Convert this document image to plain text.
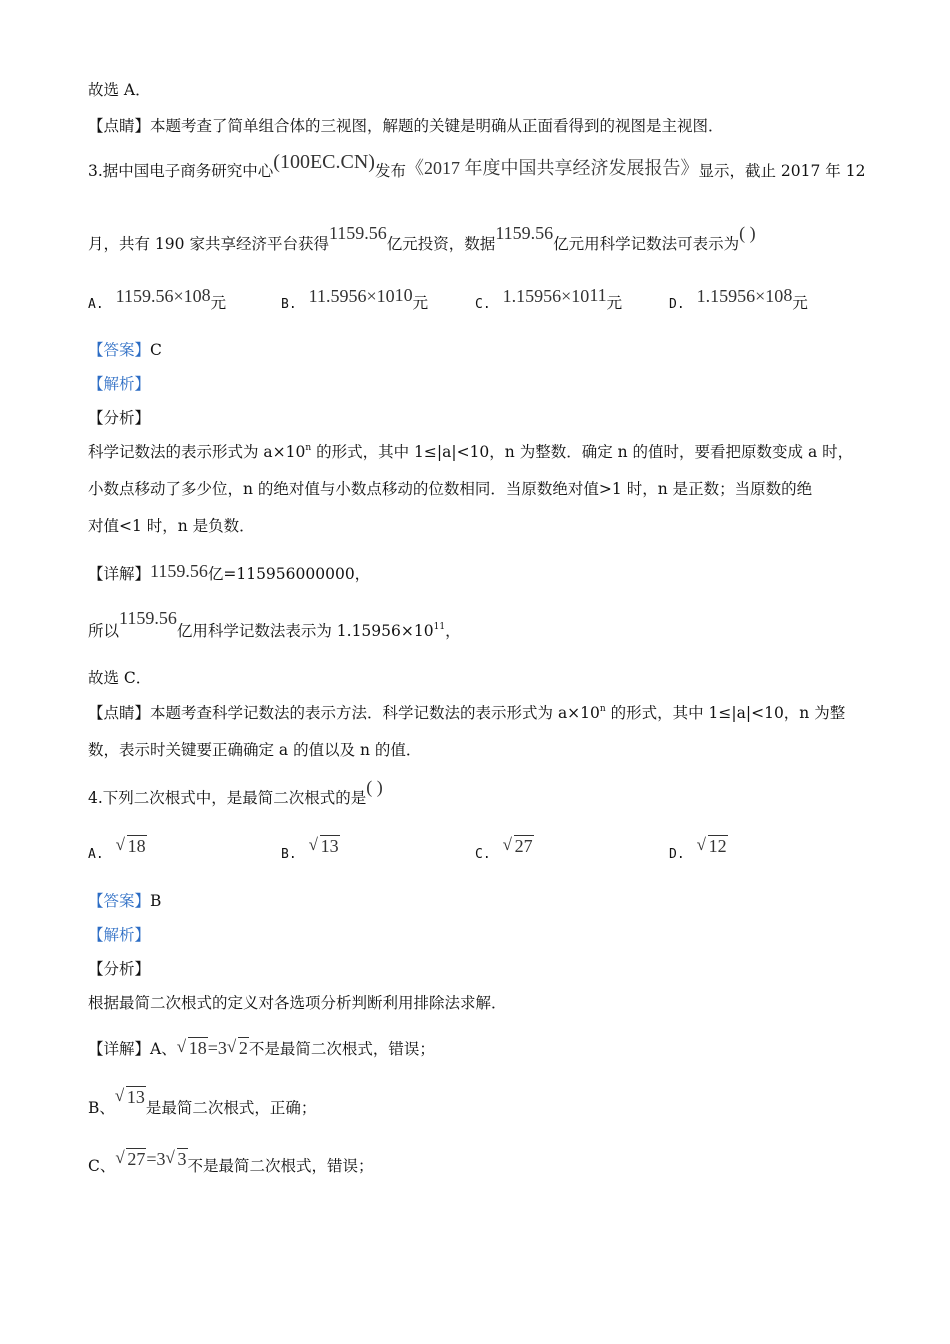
故选 A．
【点睛】本题考查了简单组合体的三视图，解题的关键是明确从正面看得到的视图是主视图．
3.据中国电子商务研究中心(100EC.CN)发布《2017 年度中国共享经济发展报告》显示，截止 2017 年 12
月，共有 190 家共享经济平台获得1159.56亿元投资，数据1159.56亿元用科学记数法可表示为( )
A. $1159.56\times 10^8$元	B. $11.5956\times 10^{10}$元	C. $1.15956\times 10^{11}$元	D. $1.15956\times 10^8$元
【答案】C
【解析】
【分析】
科学记数法的表示形式为 $a\times 10^n$ 的形式，其中 1≤|a|<10，n 为整数．确定 n 的值时，要看把原数变成 a 时，
小数点移动了多少位，n 的绝对值与小数点移动的位数相同．当原数绝对值>1 时，n 是正数；当原数的绝
对值<1 时，n 是负数．
【详解】1159.56亿=115956000000，
所以1159.56亿用科学记数法表示为 $1.15956\times 10^{11}$，
故选 C．
【点睛】本题考查科学记数法的表示方法．科学记数法的表示形式为 $a\times 10^n$ 的形式，其中 1≤|a|<10，n 为整
数，表示时关键要正确确定 a 的值以及 n 的值．
4.下列二次根式中，是最简二次根式的是( )
A. √ 18	B. √ 13	C. √ 27	D. √ 12
【答案】B
【解析】
【分析】
根据最简二次根式的定义对各选项分析判断利用排除法求解．
【详解】A、 √ 18=3 √ 2不是最简二次根式，错误；
B、√ 13是最简二次根式，正确；
C、 √ 27=3 √ 3不是最简二次根式，错误；
